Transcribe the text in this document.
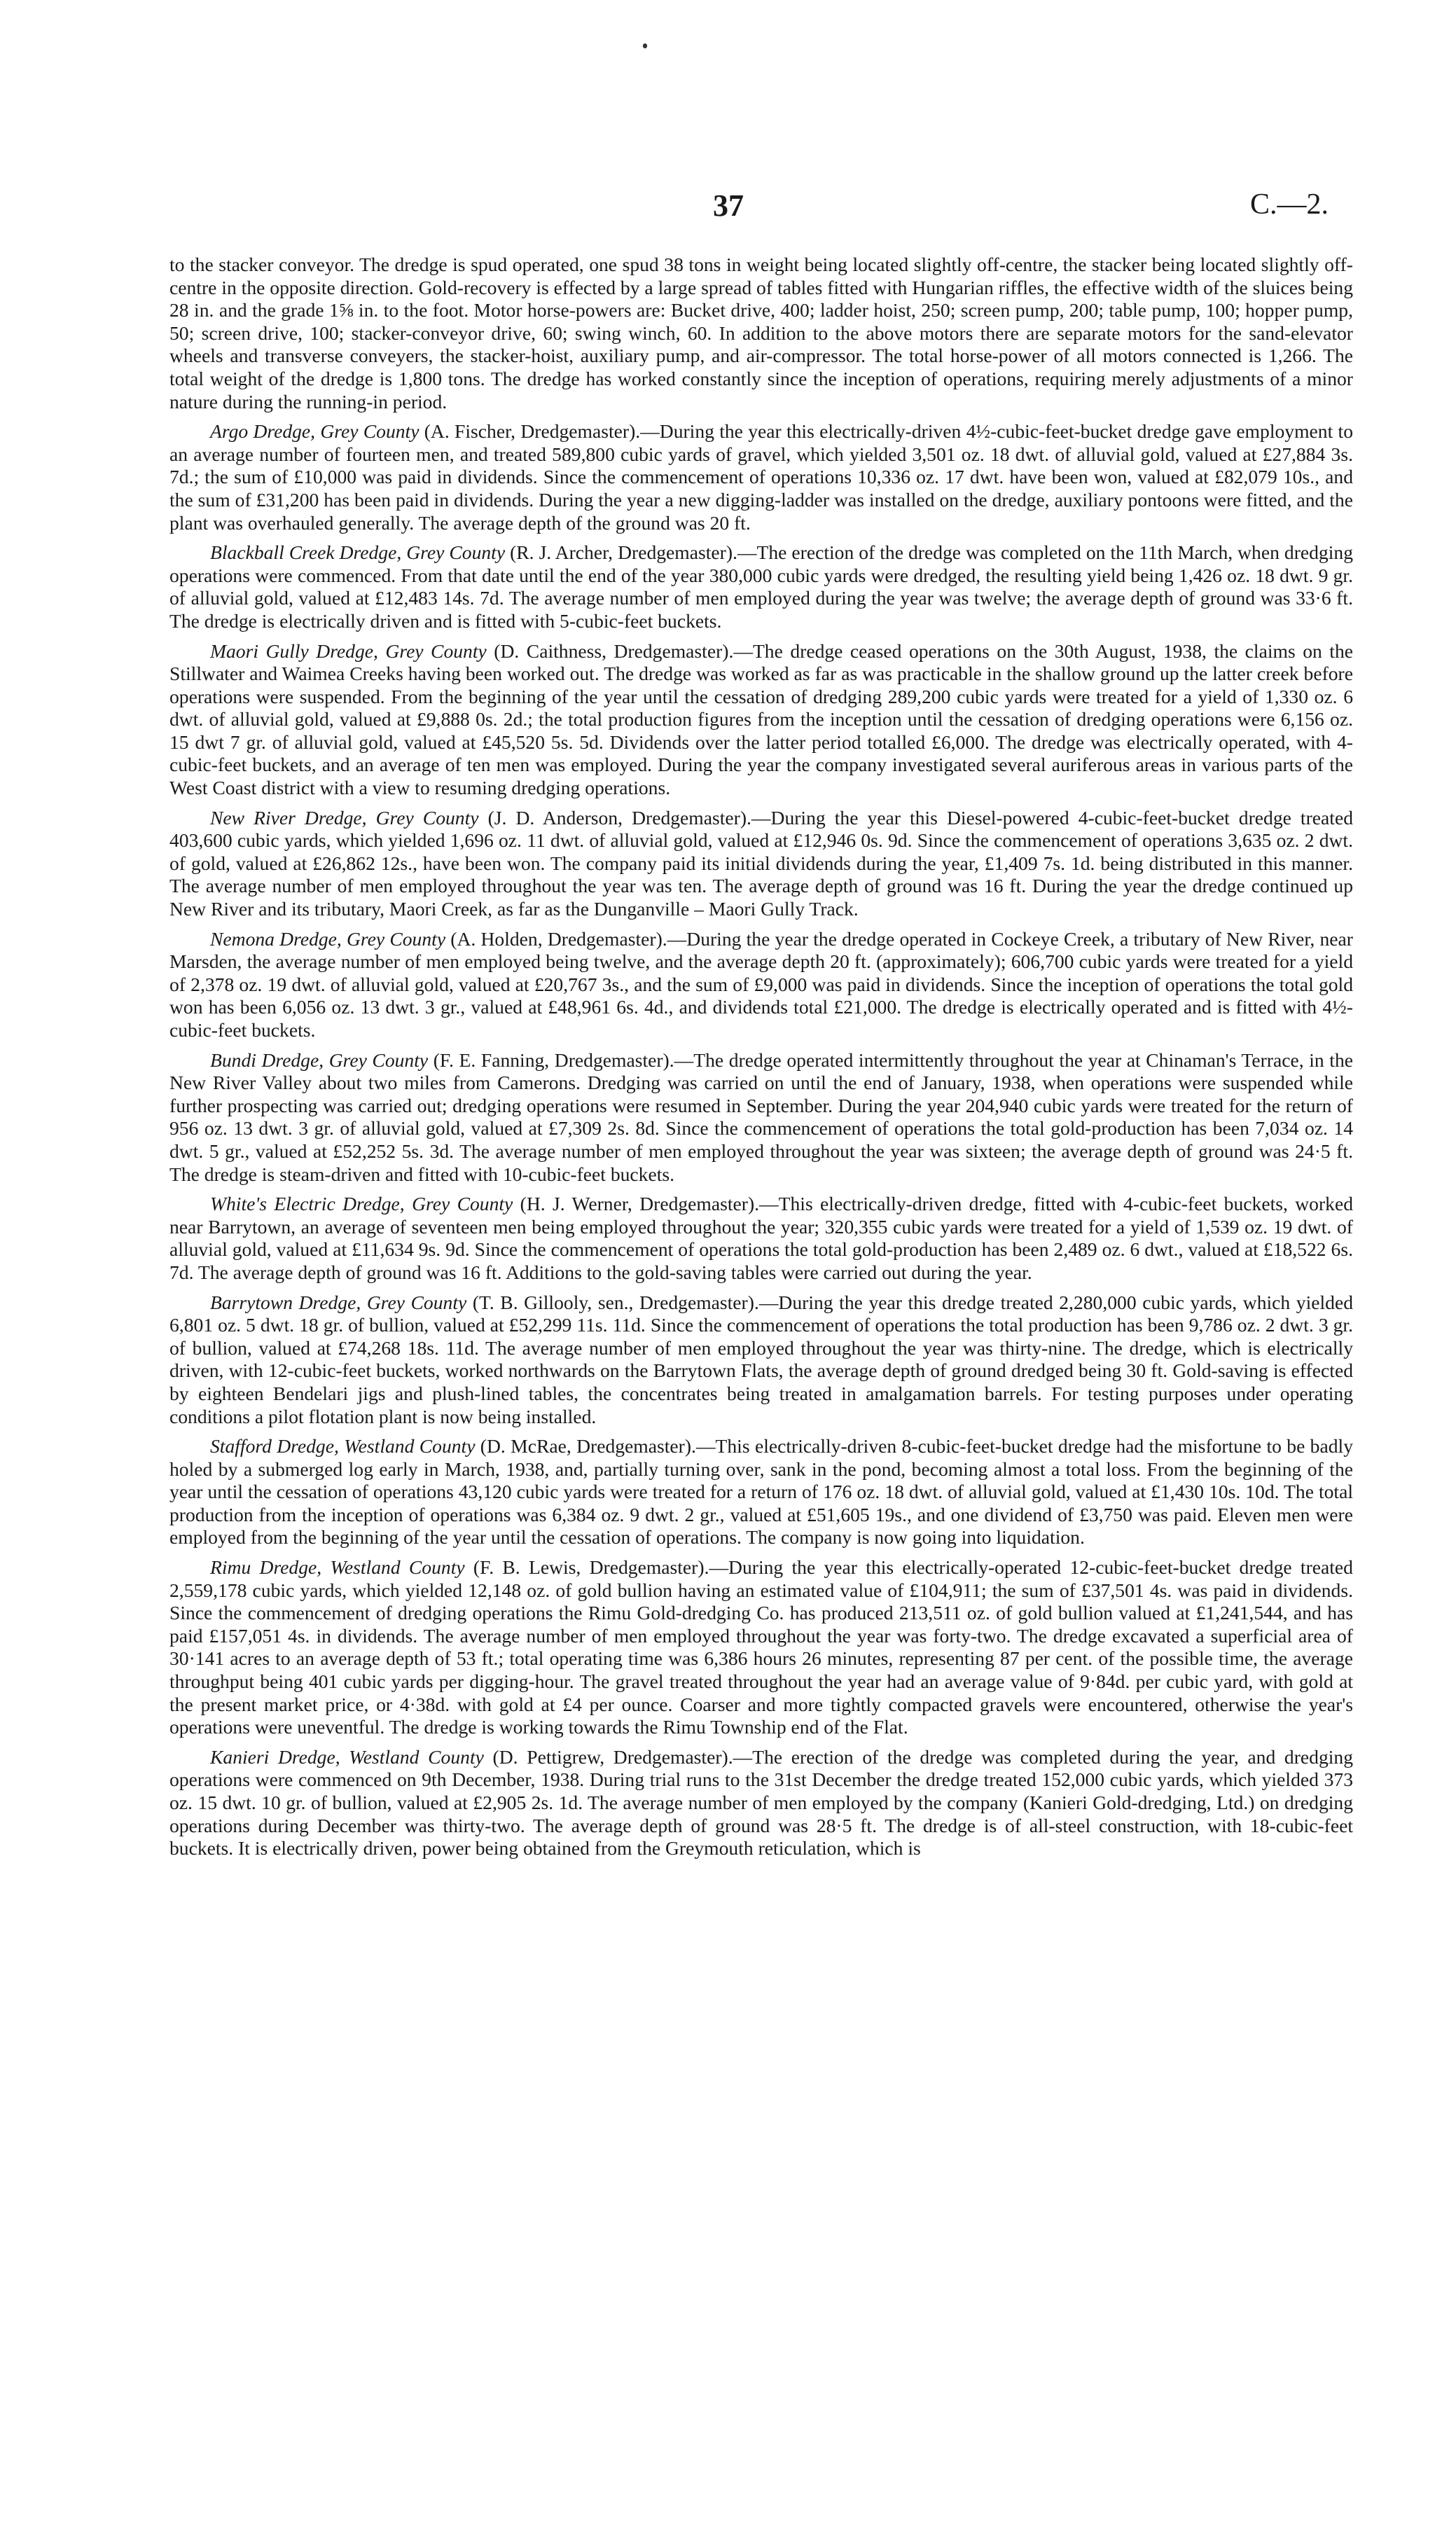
37	C.—2.

to the stacker conveyor. The dredge is spud operated, one spud 38 tons in weight being located slightly off-centre, the stacker being located slightly off-centre in the opposite direction. Gold-recovery is effected by a large spread of tables fitted with Hungarian riffles, the effective width of the sluices being 28 in. and the grade 1⅝ in. to the foot. Motor horse-powers are: Bucket drive, 400; ladder hoist, 250; screen pump, 200; table pump, 100; hopper pump, 50; screen drive, 100; stacker-conveyor drive, 60; swing winch, 60. In addition to the above motors there are separate motors for the sand-elevator wheels and transverse conveyers, the stacker-hoist, auxiliary pump, and air-compressor. The total horse-power of all motors connected is 1,266. The total weight of the dredge is 1,800 tons. The dredge has worked constantly since the inception of operations, requiring merely adjustments of a minor nature during the running-in period.

Argo Dredge, Grey County (A. Fischer, Dredgemaster).—During the year this electrically-driven 4½-cubic-feet-bucket dredge gave employment to an average number of fourteen men, and treated 589,800 cubic yards of gravel, which yielded 3,501 oz. 18 dwt. of alluvial gold, valued at £27,884 3s. 7d.; the sum of £10,000 was paid in dividends. Since the commencement of operations 10,336 oz. 17 dwt. have been won, valued at £82,079 10s., and the sum of £31,200 has been paid in dividends. During the year a new digging-ladder was installed on the dredge, auxiliary pontoons were fitted, and the plant was overhauled generally. The average depth of the ground was 20 ft.

Blackball Creek Dredge, Grey County (R. J. Archer, Dredgemaster).—The erection of the dredge was completed on the 11th March, when dredging operations were commenced. From that date until the end of the year 380,000 cubic yards were dredged, the resulting yield being 1,426 oz. 18 dwt. 9 gr. of alluvial gold, valued at £12,483 14s. 7d. The average number of men employed during the year was twelve; the average depth of ground was 33·6 ft. The dredge is electrically driven and is fitted with 5-cubic-feet buckets.

Maori Gully Dredge, Grey County (D. Caithness, Dredgemaster).—The dredge ceased operations on the 30th August, 1938, the claims on the Stillwater and Waimea Creeks having been worked out. The dredge was worked as far as was practicable in the shallow ground up the latter creek before operations were suspended. From the beginning of the year until the cessation of dredging 289,200 cubic yards were treated for a yield of 1,330 oz. 6 dwt. of alluvial gold, valued at £9,888 0s. 2d.; the total production figures from the inception until the cessation of dredging operations were 6,156 oz. 15 dwt 7 gr. of alluvial gold, valued at £45,520 5s. 5d. Dividends over the latter period totalled £6,000. The dredge was electrically operated, with 4-cubic-feet buckets, and an average of ten men was employed. During the year the company investigated several auriferous areas in various parts of the West Coast district with a view to resuming dredging operations.

New River Dredge, Grey County (J. D. Anderson, Dredgemaster).—During the year this Diesel-powered 4-cubic-feet-bucket dredge treated 403,600 cubic yards, which yielded 1,696 oz. 11 dwt. of alluvial gold, valued at £12,946 0s. 9d. Since the commencement of operations 3,635 oz. 2 dwt. of gold, valued at £26,862 12s., have been won. The company paid its initial dividends during the year, £1,409 7s. 1d. being distributed in this manner. The average number of men employed throughout the year was ten. The average depth of ground was 16 ft. During the year the dredge continued up New River and its tributary, Maori Creek, as far as the Dunganville – Maori Gully Track.

Nemona Dredge, Grey County (A. Holden, Dredgemaster).—During the year the dredge operated in Cockeye Creek, a tributary of New River, near Marsden, the average number of men employed being twelve, and the average depth 20 ft. (approximately); 606,700 cubic yards were treated for a yield of 2,378 oz. 19 dwt. of alluvial gold, valued at £20,767 3s., and the sum of £9,000 was paid in dividends. Since the inception of operations the total gold won has been 6,056 oz. 13 dwt. 3 gr., valued at £48,961 6s. 4d., and dividends total £21,000. The dredge is electrically operated and is fitted with 4½-cubic-feet buckets.

Bundi Dredge, Grey County (F. E. Fanning, Dredgemaster).—The dredge operated intermittently throughout the year at Chinaman's Terrace, in the New River Valley about two miles from Camerons. Dredging was carried on until the end of January, 1938, when operations were suspended while further prospecting was carried out; dredging operations were resumed in September. During the year 204,940 cubic yards were treated for the return of 956 oz. 13 dwt. 3 gr. of alluvial gold, valued at £7,309 2s. 8d. Since the commencement of operations the total gold-production has been 7,034 oz. 14 dwt. 5 gr., valued at £52,252 5s. 3d. The average number of men employed throughout the year was sixteen; the average depth of ground was 24·5 ft. The dredge is steam-driven and fitted with 10-cubic-feet buckets.

White's Electric Dredge, Grey County (H. J. Werner, Dredgemaster).—This electrically-driven dredge, fitted with 4-cubic-feet buckets, worked near Barrytown, an average of seventeen men being employed throughout the year; 320,355 cubic yards were treated for a yield of 1,539 oz. 19 dwt. of alluvial gold, valued at £11,634 9s. 9d. Since the commencement of operations the total gold-production has been 2,489 oz. 6 dwt., valued at £18,522 6s. 7d. The average depth of ground was 16 ft. Additions to the gold-saving tables were carried out during the year.

Barrytown Dredge, Grey County (T. B. Gillooly, sen., Dredgemaster).—During the year this dredge treated 2,280,000 cubic yards, which yielded 6,801 oz. 5 dwt. 18 gr. of bullion, valued at £52,299 11s. 11d. Since the commencement of operations the total production has been 9,786 oz. 2 dwt. 3 gr. of bullion, valued at £74,268 18s. 11d. The average number of men employed throughout the year was thirty-nine. The dredge, which is electrically driven, with 12-cubic-feet buckets, worked northwards on the Barrytown Flats, the average depth of ground dredged being 30 ft. Gold-saving is effected by eighteen Bendelari jigs and plush-lined tables, the concentrates being treated in amalgamation barrels. For testing purposes under operating conditions a pilot flotation plant is now being installed.

Stafford Dredge, Westland County (D. McRae, Dredgemaster).—This electrically-driven 8-cubic-feet-bucket dredge had the misfortune to be badly holed by a submerged log early in March, 1938, and, partially turning over, sank in the pond, becoming almost a total loss. From the beginning of the year until the cessation of operations 43,120 cubic yards were treated for a return of 176 oz. 18 dwt. of alluvial gold, valued at £1,430 10s. 10d. The total production from the inception of operations was 6,384 oz. 9 dwt. 2 gr., valued at £51,605 19s., and one dividend of £3,750 was paid. Eleven men were employed from the beginning of the year until the cessation of operations. The company is now going into liquidation.

Rimu Dredge, Westland County (F. B. Lewis, Dredgemaster).—During the year this electrically-operated 12-cubic-feet-bucket dredge treated 2,559,178 cubic yards, which yielded 12,148 oz. of gold bullion having an estimated value of £104,911; the sum of £37,501 4s. was paid in dividends. Since the commencement of dredging operations the Rimu Gold-dredging Co. has produced 213,511 oz. of gold bullion valued at £1,241,544, and has paid £157,051 4s. in dividends. The average number of men employed throughout the year was forty-two. The dredge excavated a superficial area of 30·141 acres to an average depth of 53 ft.; total operating time was 6,386 hours 26 minutes, representing 87 per cent. of the possible time, the average throughput being 401 cubic yards per digging-hour. The gravel treated throughout the year had an average value of 9·84d. per cubic yard, with gold at the present market price, or 4·38d. with gold at £4 per ounce. Coarser and more tightly compacted gravels were encountered, otherwise the year's operations were uneventful. The dredge is working towards the Rimu Township end of the Flat.

Kanieri Dredge, Westland County (D. Pettigrew, Dredgemaster).—The erection of the dredge was completed during the year, and dredging operations were commenced on 9th December, 1938. During trial runs to the 31st December the dredge treated 152,000 cubic yards, which yielded 373 oz. 15 dwt. 10 gr. of bullion, valued at £2,905 2s. 1d. The average number of men employed by the company (Kanieri Gold-dredging, Ltd.) on dredging operations during December was thirty-two. The average depth of ground was 28·5 ft. The dredge is of all-steel construction, with 18-cubic-feet buckets. It is electrically driven, power being obtained from the Greymouth reticulation, which is
